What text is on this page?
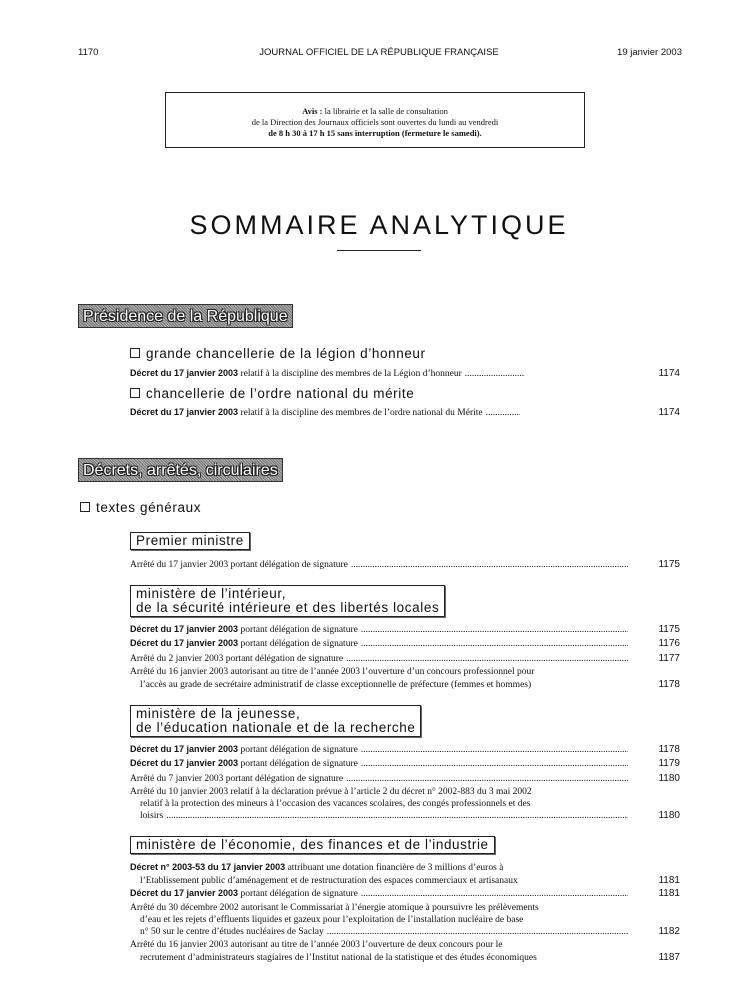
1170	JOURNAL OFFICIEL DE LA RÉPUBLIQUE FRANÇAISE	19 janvier 2003
Avis : la librairie et la salle de consultation
de la Direction des Journaux officiels sont ouvertes du lundi au vendredi
de 8 h 30 à 17 h 15 sans interruption (fermeture le samedi).
SOMMAIRE ANALYTIQUE
Présidence de la République
grande chancellerie de la légion d’honneur
Décret du 17 janvier 2003 relatif à la discipline des membres de la Légion d’honneur .....	1174
chancellerie de l’ordre national du mérite
Décret du 17 janvier 2003 relatif à la discipline des membres de l’ordre national du Mérite .....	1174
Décrets, arrêtés, circulaires
textes généraux
Premier ministre
Arrêté du 17 janvier 2003 portant délégation de signature .....	1175
ministère de l’intérieur,
de la sécurité intérieure et des libertés locales
Décret du 17 janvier 2003 portant délégation de signature .....	1175
Décret du 17 janvier 2003 portant délégation de signature .....	1176
Arrêté du 2 janvier 2003 portant délégation de signature .....	1177
Arrêté du 16 janvier 2003 autorisant au titre de l’année 2003 l’ouverture d’un concours professionnel pour
l’accès au grade de secrétaire administratif de classe exceptionnelle de préfecture (femmes et hommes)	1178
ministère de la jeunesse,
de l’éducation nationale et de la recherche
Décret du 17 janvier 2003 portant délégation de signature .....	1178
Décret du 17 janvier 2003 portant délégation de signature .....	1179
Arrêté du 7 janvier 2003 portant délégation de signature .....	1180
Arrêté du 10 janvier 2003 relatif à la déclaration prévue à l’article 2 du décret n° 2002-883 du 3 mai 2002
relatif à la protection des mineurs à l’occasion des vacances scolaires, des congés professionnels et des
loisirs .....	1180
ministère de l’économie, des finances et de l’industrie
Décret n° 2003-53 du 17 janvier 2003 attribuant une dotation financière de 3 millions d’euros à
l’Etablissement public d’aménagement et de restructuration des espaces commerciaux et artisanaux	1181
Décret du 17 janvier 2003 portant délégation de signature .....	1181
Arrêté du 30 décembre 2002 autorisant le Commissariat à l’énergie atomique à poursuivre les prélèvements
d’eau et les rejets d’effluents liquides et gazeux pour l’exploitation de l’installation nucléaire de base
n° 50 sur le centre d’études nucléaires de Saclay .....	1182
Arrêté du 16 janvier 2003 autorisant au titre de l’année 2003 l’ouverture de deux concours pour le
recrutement d’administrateurs stagiaires de l’Institut national de la statistique et des études économiques	1187
